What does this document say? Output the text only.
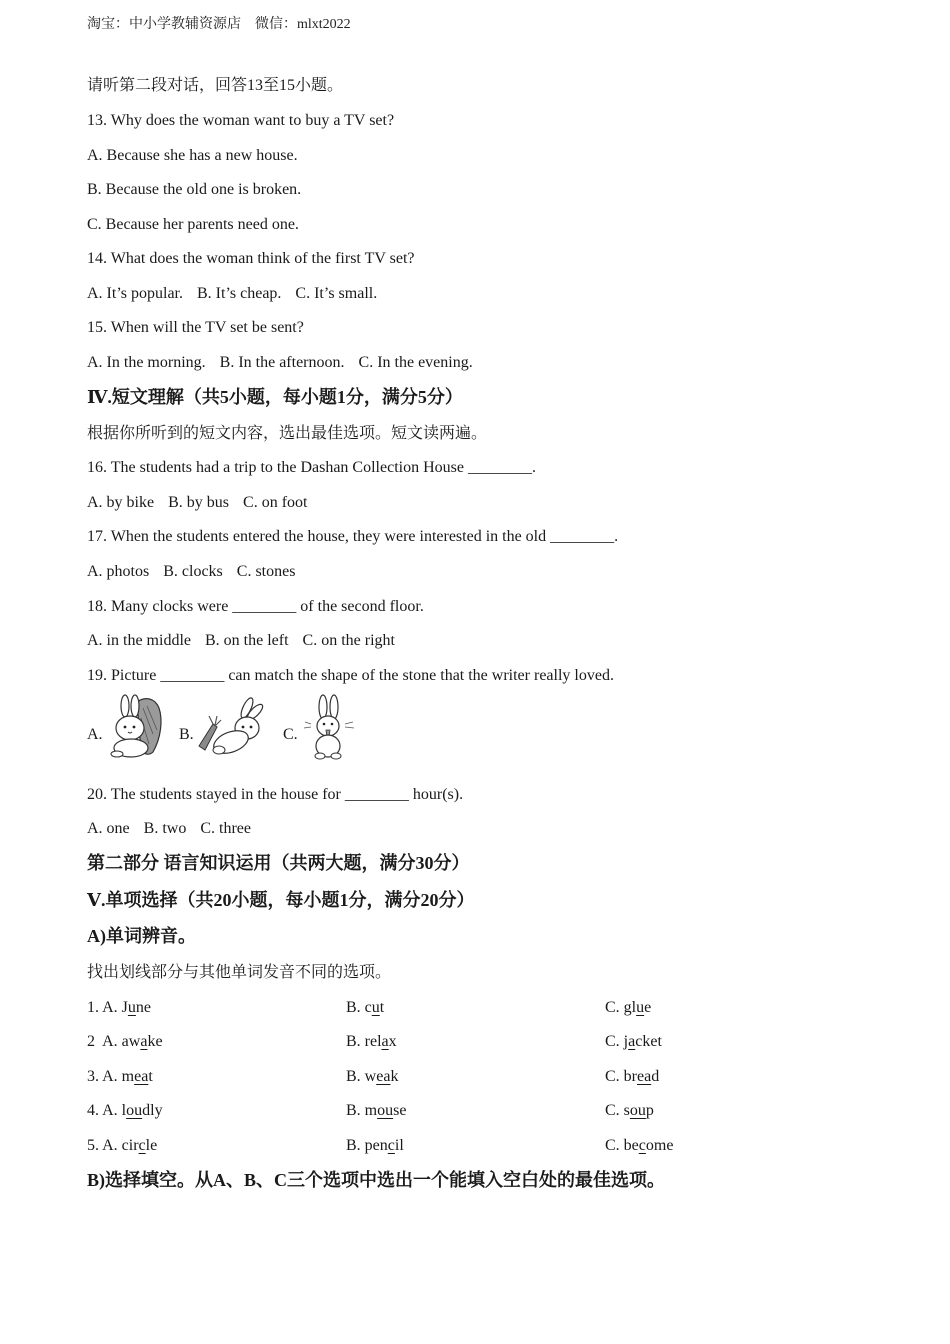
淘宝：中小学教辅资源店 微信：mlxt2022
请听第二段对话，回答13至15小题。
13. Why does the woman want to buy a TV set?
A. Because she has a new house.
B. Because the old one is broken.
C. Because her parents need one.
14. What does the woman think of the first TV set?
A. It’s popular. B. It’s cheap. C. It’s small.
15. When will the TV set be sent?
A. In the morning. B. In the afternoon. C. In the evening.
Ⅳ.短文理解（共5小题，每小题1分，满分5分）
根据你所听到的短文内容，选出最佳选项。短文读两遍。
16. The students had a trip to the Dashan Collection House ________.
A. by bike B. by bus C. on foot
17. When the students entered the house, they were interested in the old ________.
A. photos B. clocks C. stones
18. Many clocks were ________ of the second floor.
A. in the middle B. on the left C. on the right
19. Picture ________ can match the shape of the stone that the writer really loved.
A.	B.	C.
20. The students stayed in the house for ________ hour(s).
A. one B. two C. three
第二部分 语言知识运用（共两大题，满分30分）
Ⅴ.单项选择（共20小题，每小题1分，满分20分）
A)单词辨音。
找出划线部分与其他单词发音不同的选项。
1. A. June	B. cut	C. glue
2  A. awake	B. relax	C. jacket
3. A. meat	B. weak	C. bread
4. A. loudly	B. mouse	C. soup
5. A. circle	B. pencil	C. become
B)选择填空。从A、B、C三个选项中选出一个能填入空白处的最佳选项。
